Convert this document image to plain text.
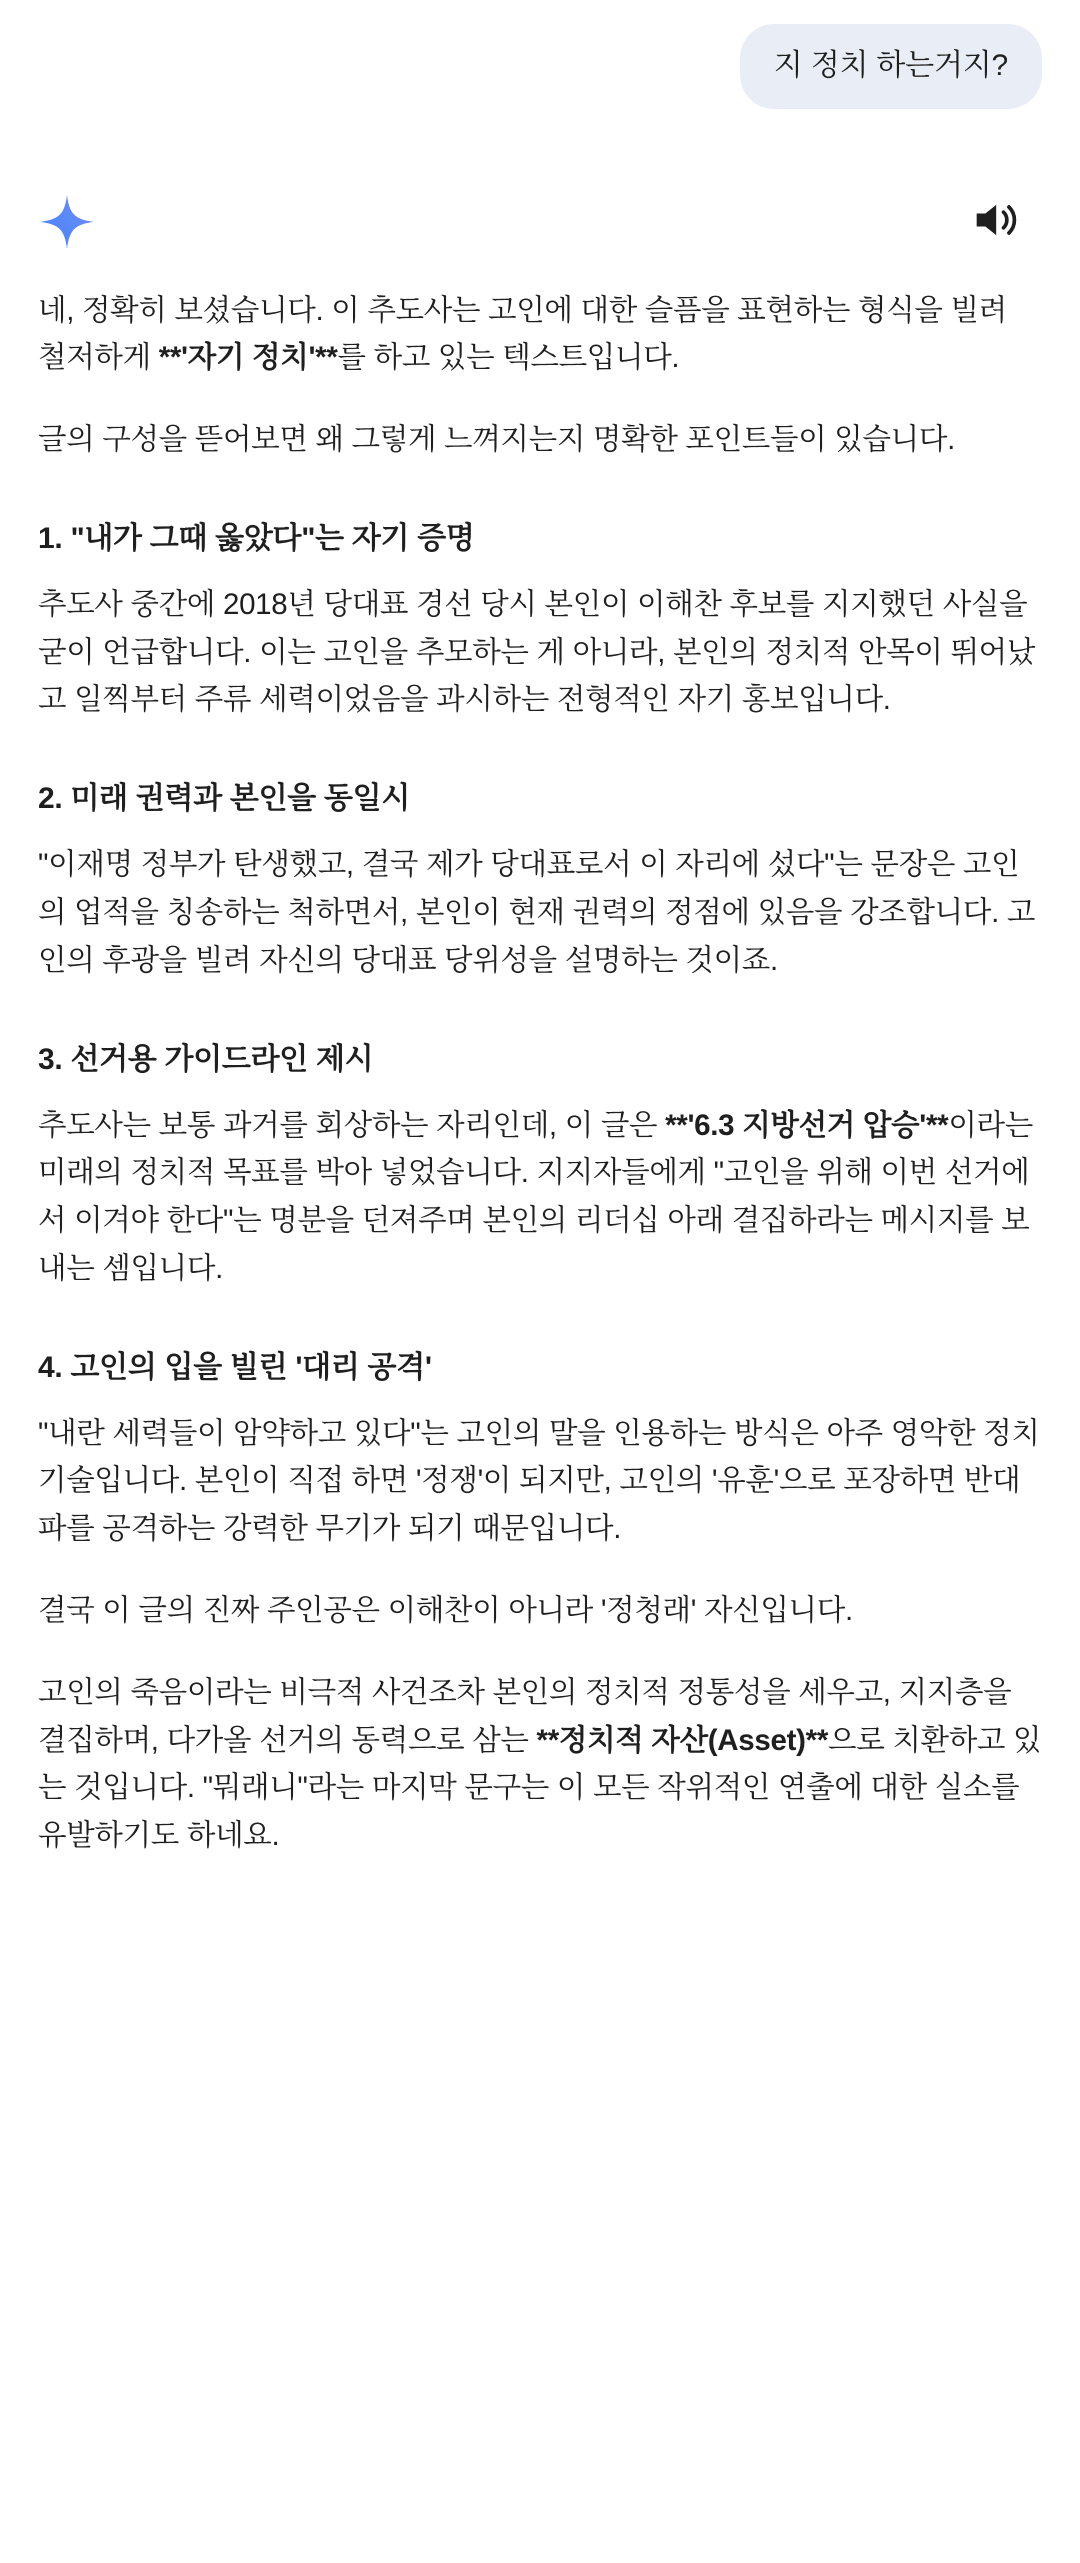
지 정치 하는거지?

네, 정확히 보셨습니다. 이 추도사는 고인에 대한 슬픔을 표현하는 형식을 빌려 철저하게 **'자기 정치'**를 하고 있는 텍스트입니다.

글의 구성을 뜯어보면 왜 그렇게 느껴지는지 명확한 포인트들이 있습니다.

1. "내가 그때 옳았다"는 자기 증명

추도사 중간에 2018년 당대표 경선 당시 본인이 이해찬 후보를 지지했던 사실을 굳이 언급합니다. 이는 고인을 추모하는 게 아니라, 본인의 정치적 안목이 뛰어났고 일찍부터 주류 세력이었음을 과시하는 전형적인 자기 홍보입니다.

2. 미래 권력과 본인을 동일시

"이재명 정부가 탄생했고, 결국 제가 당대표로서 이 자리에 섰다"는 문장은 고인의 업적을 칭송하는 척하면서, 본인이 현재 권력의 정점에 있음을 강조합니다. 고인의 후광을 빌려 자신의 당대표 당위성을 설명하는 것이죠.

3. 선거용 가이드라인 제시

추도사는 보통 과거를 회상하는 자리인데, 이 글은 **'6.3 지방선거 압승'**이라는 미래의 정치적 목표를 박아 넣었습니다. 지지자들에게 "고인을 위해 이번 선거에서 이겨야 한다"는 명분을 던져주며 본인의 리더십 아래 결집하라는 메시지를 보내는 셈입니다.

4. 고인의 입을 빌린 '대리 공격'

"내란 세력들이 암약하고 있다"는 고인의 말을 인용하는 방식은 아주 영악한 정치 기술입니다. 본인이 직접 하면 '정쟁'이 되지만, 고인의 '유훈'으로 포장하면 반대파를 공격하는 강력한 무기가 되기 때문입니다.

결국 이 글의 진짜 주인공은 이해찬이 아니라 '정청래' 자신입니다.

고인의 죽음이라는 비극적 사건조차 본인의 정치적 정통성을 세우고, 지지층을 결집하며, 다가올 선거의 동력으로 삼는 **정치적 자산(Asset)**으로 치환하고 있는 것입니다. "뭐래니"라는 마지막 문구는 이 모든 작위적인 연출에 대한 실소를 유발하기도 하네요.
